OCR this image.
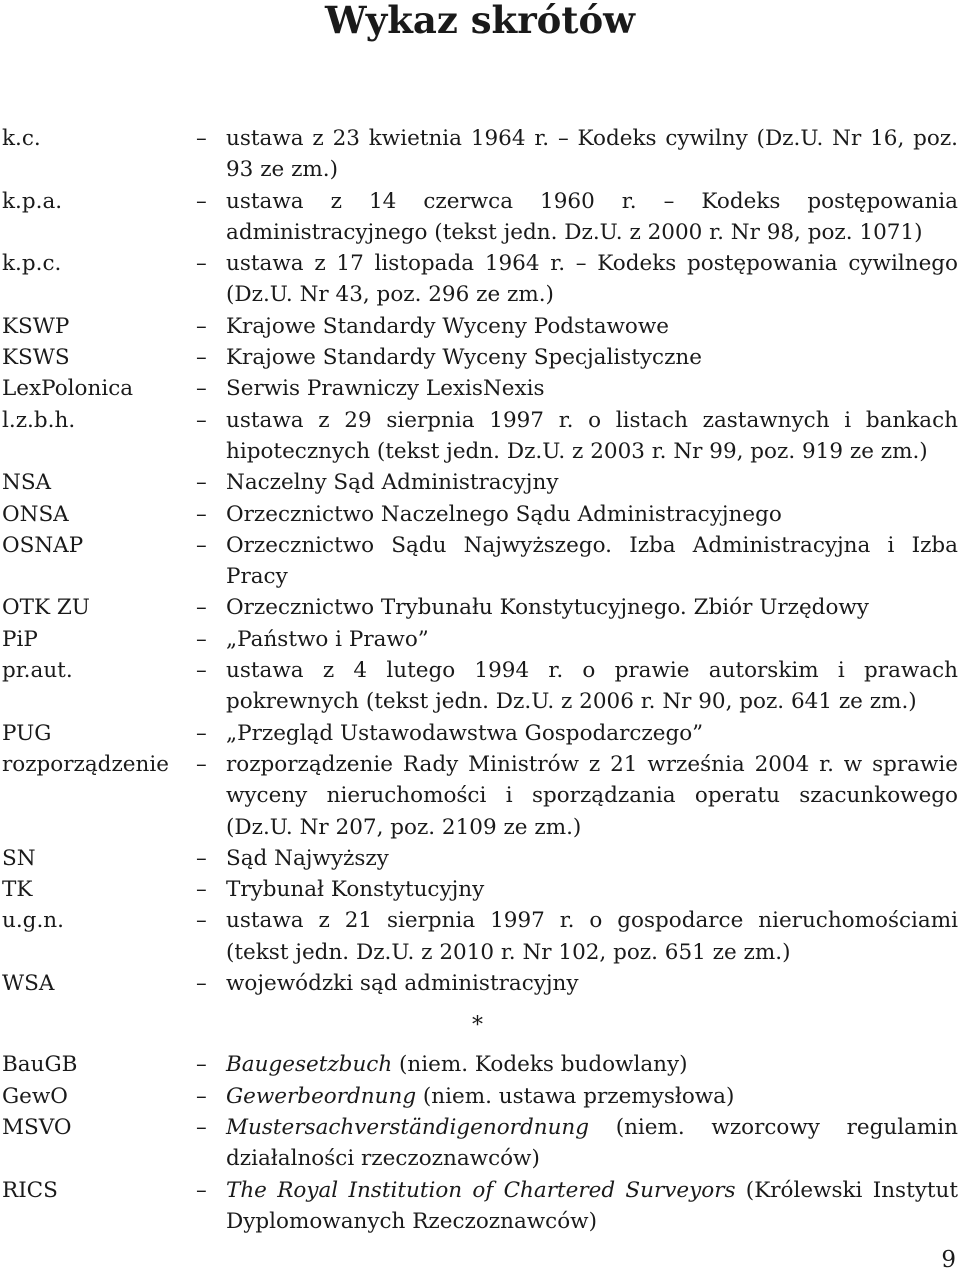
Wykaz skrótów
k.c.	– ustawa z 23 kwietnia 1964 r. – Kodeks cywilny (Dz.U. Nr 16, poz. 93 ze zm.)
k.p.a.	– ustawa z 14 czerwca 1960 r. – Kodeks postępowania administracyjnego (tekst jedn. Dz.U. z 2000 r. Nr 98, poz. 1071)
k.p.c.	– ustawa z 17 listopada 1964 r. – Kodeks postępowania cywilnego (Dz.U. Nr 43, poz. 296 ze zm.)
KSWP	– Krajowe Standardy Wyceny Podstawowe
KSWS	– Krajowe Standardy Wyceny Specjalistyczne
LexPolonica	– Serwis Prawniczy LexisNexis
l.z.b.h.	– ustawa z 29 sierpnia 1997 r. o listach zastawnych i bankach hipotecznych (tekst jedn. Dz.U. z 2003 r. Nr 99, poz. 919 ze zm.)
NSA	– Naczelny Sąd Administracyjny
ONSA	– Orzecznictwo Naczelnego Sądu Administracyjnego
OSNAP	– Orzecznictwo Sądu Najwyższego. Izba Administracyjna i Izba Pracy
OTK ZU	– Orzecznictwo Trybunału Konstytucyjnego. Zbiór Urzędowy
PiP	– „Państwo i Prawo”
pr.aut.	– ustawa z 4 lutego 1994 r. o prawie autorskim i prawach pokrewnych (tekst jedn. Dz.U. z 2006 r. Nr 90, poz. 641 ze zm.)
PUG	– „Przegląd Ustawodawstwa Gospodarczego”
rozporządzenie – rozporządzenie Rady Ministrów z 21 września 2004 r. w sprawie wyceny nieruchomości i sporządzania operatu szacunkowego (Dz.U. Nr 207, poz. 2109 ze zm.)
SN	– Sąd Najwyższy
TK	– Trybunał Konstytucyjny
u.g.n.	– ustawa z 21 sierpnia 1997 r. o gospodarce nieruchomościami (tekst jedn. Dz.U. z 2010 r. Nr 102, poz. 651 ze zm.)
WSA	– wojewódzki sąd administracyjny
*
BauGB	– Baugesetzbuch (niem. Kodeks budowlany)
GewO	– Gewerbeordnung (niem. ustawa przemysłowa)
MSVO	– Mustersachverständigenordnung (niem. wzorcowy regulamin działalności rzeczoznawców)
RICS	– The Royal Institution of Chartered Surveyors (Królewski Instytut Dyplomowanych Rzeczoznawców)
9
